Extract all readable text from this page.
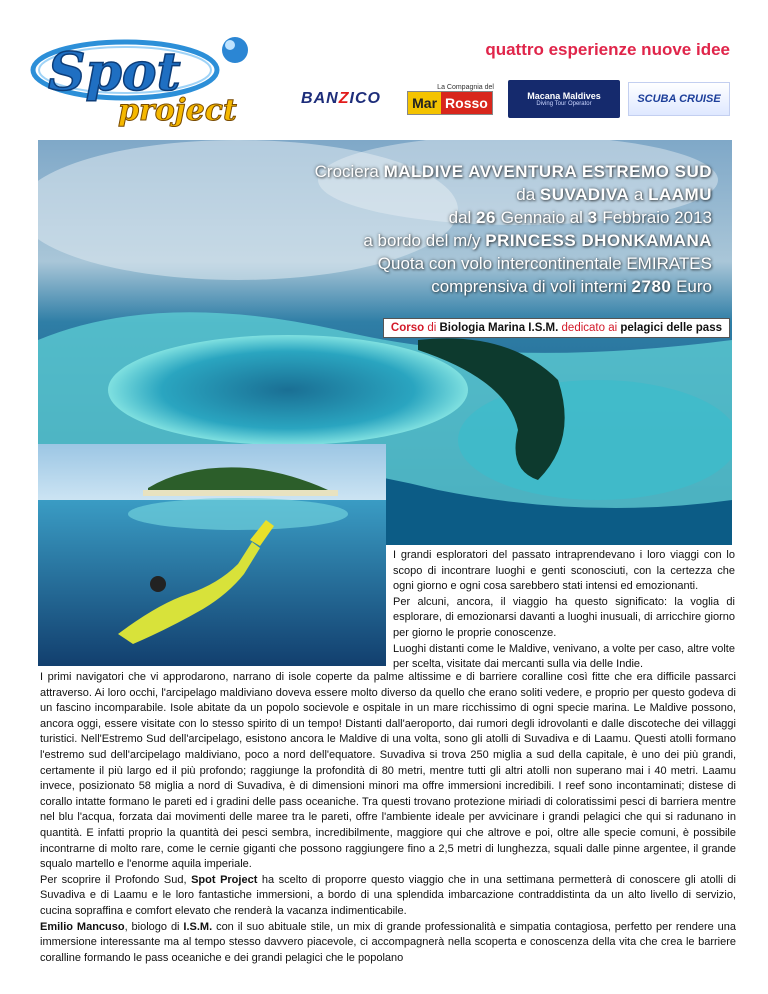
Spot
project
quattro esperienze nuove idee
BAN Z ICO
La Compagnia del
Mar Rosso	Macana Maldives
Diving Tour Operator	SCUBA CRUISE
Crociera MALDIVE AVVENTURA ESTREMO SUD
da SUVADIVA a LAAMU
dal 26 Gennaio al 3 Febbraio 2013
a bordo del m/y PRINCESS DHONKAMANA
Quota con volo intercontinentale EMIRATES
comprensiva di voli interni 2780 Euro
Corso di Biologia Marina I.S.M. dedicato ai pelagici delle pass

I grandi esploratori del passato intraprendevano i loro viaggi con lo scopo di incontrare luoghi e genti sconosciuti, con la certezza che ogni giorno e ogni cosa sarebbero stati intensi ed emozionanti.

Per alcuni, ancora, il viaggio ha questo significato: la voglia di esplorare, di emozionarsi davanti a luoghi inusuali, di arricchire giorno per giorno le proprie conoscenze.

Luoghi distanti come le Maldive, venivano, a volte per caso, altre volte per scelta, visitate dai mercanti sulla via delle Indie.

I primi navigatori che vi approdarono, narrano di isole coperte da palme altissime e di barriere coralline così fitte che era difficile passarci attraverso. Ai loro occhi, l'arcipelago maldiviano doveva essere molto diverso da quello che erano soliti vedere, e proprio per questo godeva di un fascino incomparabile. Isole abitate da un popolo socievole e ospitale in un mare ricchissimo di ogni specie marina. Le Maldive possono, ancora oggi, essere visitate con lo stesso spirito di un tempo! Distanti dall'aeroporto, dai rumori degli idrovolanti e dalle discoteche dei villaggi turistici. Nell'Estremo Sud dell'arcipelago, esistono ancora le Maldive di una volta, sono gli atolli di Suvadiva e di Laamu. Questi atolli formano l'estremo sud dell'arcipelago maldiviano, poco a nord dell'equatore. Suvadiva si trova 250 miglia a sud della capitale, è uno dei più grandi, certamente il più largo ed il più profondo; raggiunge la profondità di 80 metri, mentre tutti gli altri atolli non superano mai i 40 metri. Laamu invece, posizionato 58 miglia a nord di Suvadiva, è di dimensioni minori ma offre immersioni incredibili. I reef sono incontaminati; distese di corallo intatte formano le pareti ed i gradini delle pass oceaniche. Tra questi trovano protezione miriadi di coloratissimi pesci di barriera mentre nel blu l'acqua, forzata dai movimenti delle maree tra le pareti, offre l'ambiente ideale per avvicinare i grandi pelagici che qui si radunano in quantità. E infatti proprio la quantità dei pesci sembra, incredibilmente, maggiore qui che altrove e poi, oltre alle specie comuni, è possibile incontrarne di molto rare, come le cernie giganti che possono raggiungere fino a 2,5 metri di lunghezza, squali dalle pinne argentee, il grande squalo martello e l'enorme aquila imperiale.

Per scoprire il Profondo Sud, Spot Project ha scelto di proporre questo viaggio che in una settimana permetterà di conoscere gli atolli di Suvadiva e di Laamu e le loro fantastiche immersioni, a bordo di una splendida imbarcazione contraddistinta da un alto livello di servizio, cucina sopraffina e comfort elevato che renderà la vacanza indimenticabile.

Emilio Mancuso, biologo di I.S.M. con il suo abituale stile, un mix di grande professionalità e simpatia contagiosa, perfetto per rendere una immersione interessante ma al tempo stesso davvero piacevole, ci accompagnerà nella scoperta e conoscenza della vita che crea le barriere coralline formando le pass oceaniche e dei grandi pelagici che le popolano
